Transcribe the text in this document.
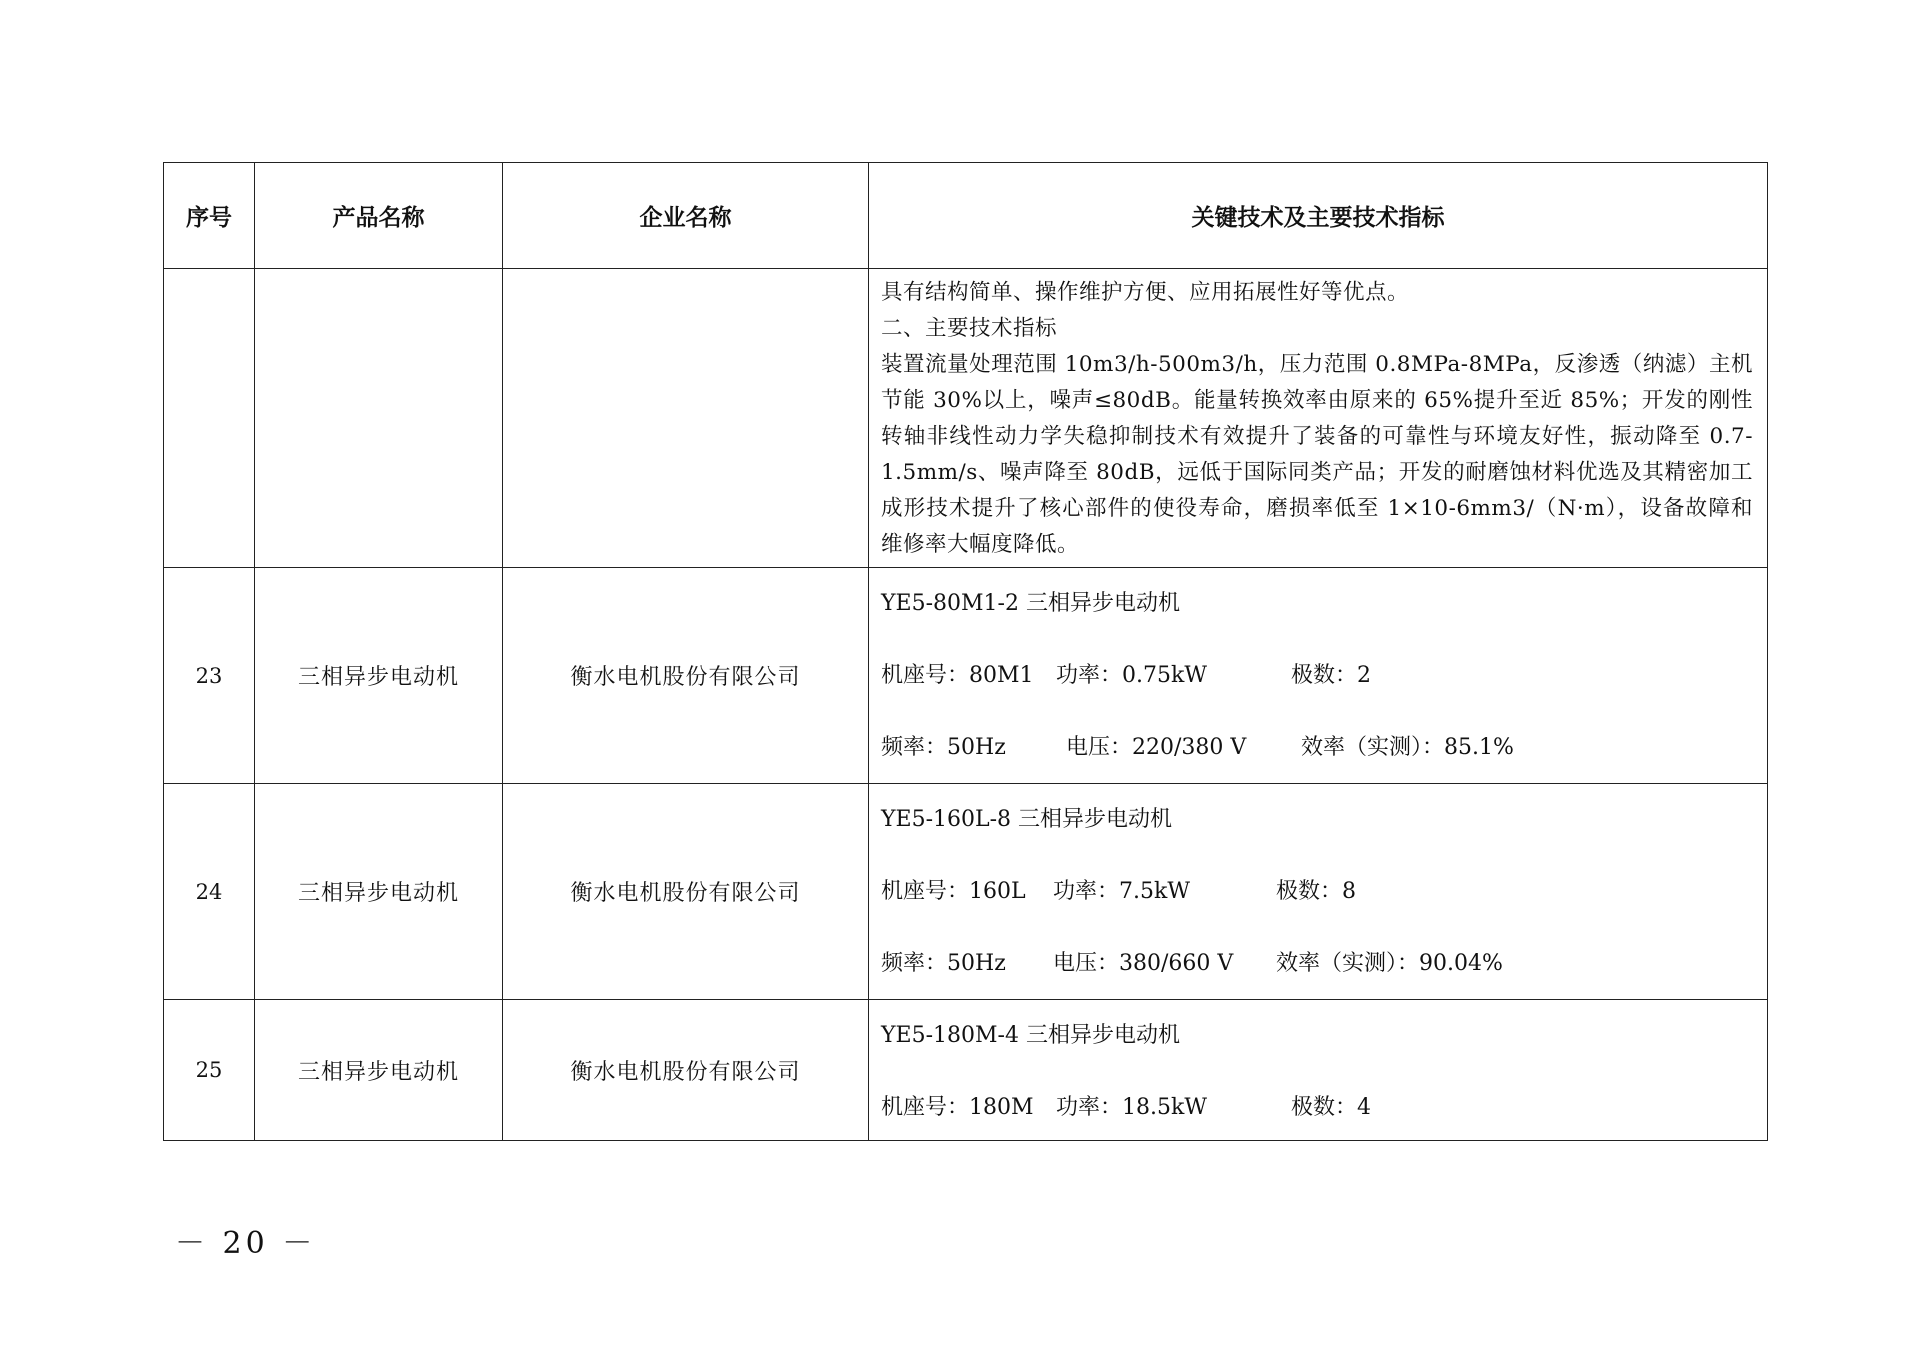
序号	产品名称	企业名称	关键技术及主要技术指标

			具有结构简单、操作维护方便、应用拓展性好等优点。

二、主要技术指标

装置流量处理范围 10m3/h-500m3/h，压力范围 0.8MPa-8MPa，反渗透（纳滤）主机节能 30%以上，噪声≤80dB。能量转换效率由原来的 65%提升至近 85%；开发的刚性转轴非线性动力学失稳抑制技术有效提升了装备的可靠性与环境友好性，振动降至 0.7-1.5mm/s、噪声降至 80dB，远低于国际同类产品；开发的耐磨蚀材料优选及其精密加工成形技术提升了核心部件的使役寿命，磨损率低至 1×10-6mm3/（N·m），设备故障和维修率大幅度降低。

23	三相异步电动机	衡水电机股份有限公司	YE5-80M1-2 三相异步电动机
机座号：80M1 功率：0.75kW 极数：2
频率：50Hz 电压：220/380 V 效率（实测）：85.1%

24	三相异步电动机	衡水电机股份有限公司	YE5-160L-8 三相异步电动机
机座号：160L 功率：7.5kW 极数：8
频率：50Hz 电压：380/660 V 效率（实测）：90.04%

25	三相异步电动机	衡水电机股份有限公司	YE5-180M-4 三相异步电动机
机座号：180M 功率：18.5kW 极数：4
－ 20 －
